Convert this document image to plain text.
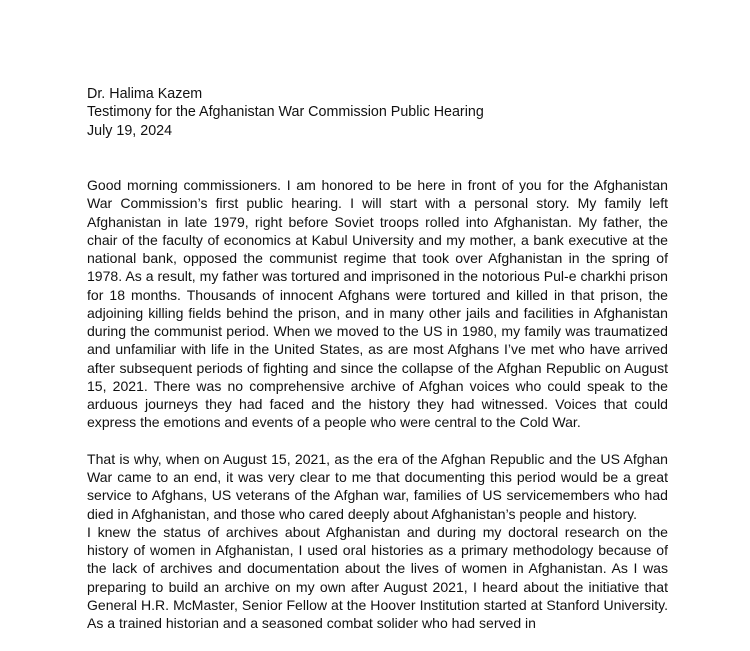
Dr. Halima Kazem
Testimony for the Afghanistan War Commission Public Hearing
July 19, 2024

Good morning commissioners. I am honored to be here in front of you for the Afghanistan War Commission’s first public hearing. I will start with a personal story. My family left Afghanistan in late 1979, right before Soviet troops rolled into Afghanistan. My father, the chair of the faculty of economics at Kabul University and my mother, a bank executive at the national bank, opposed the communist regime that took over Afghanistan in the spring of 1978. As a result, my father was tortured and imprisoned in the notorious Pul-e charkhi prison for 18 months. Thousands of innocent Afghans were tortured and killed in that prison, the adjoining killing fields behind the prison, and in many other jails and facilities in Afghanistan during the communist period. When we moved to the US in 1980, my family was traumatized and unfamiliar with life in the United States, as are most Afghans I’ve met who have arrived after subsequent periods of fighting and since the collapse of the Afghan Republic on August 15, 2021. There was no comprehensive archive of Afghan voices who could speak to the arduous journeys they had faced and the history they had witnessed. Voices that could express the emotions and events of a people who were central to the Cold War.

That is why, when on August 15, 2021, as the era of the Afghan Republic and the US Afghan War came to an end, it was very clear to me that documenting this period would be a great service to Afghans, US veterans of the Afghan war, families of US servicemembers who had died in Afghanistan, and those who cared deeply about Afghanistan’s people and history.

I knew the status of archives about Afghanistan and during my doctoral research on the history of women in Afghanistan, I used oral histories as a primary methodology because of the lack of archives and documentation about the lives of women in Afghanistan. As I was preparing to build an archive on my own after August 2021, I heard about the initiative that General H.R. McMaster, Senior Fellow at the Hoover Institution started at Stanford University. As a trained historian and a seasoned combat solider who had served in
